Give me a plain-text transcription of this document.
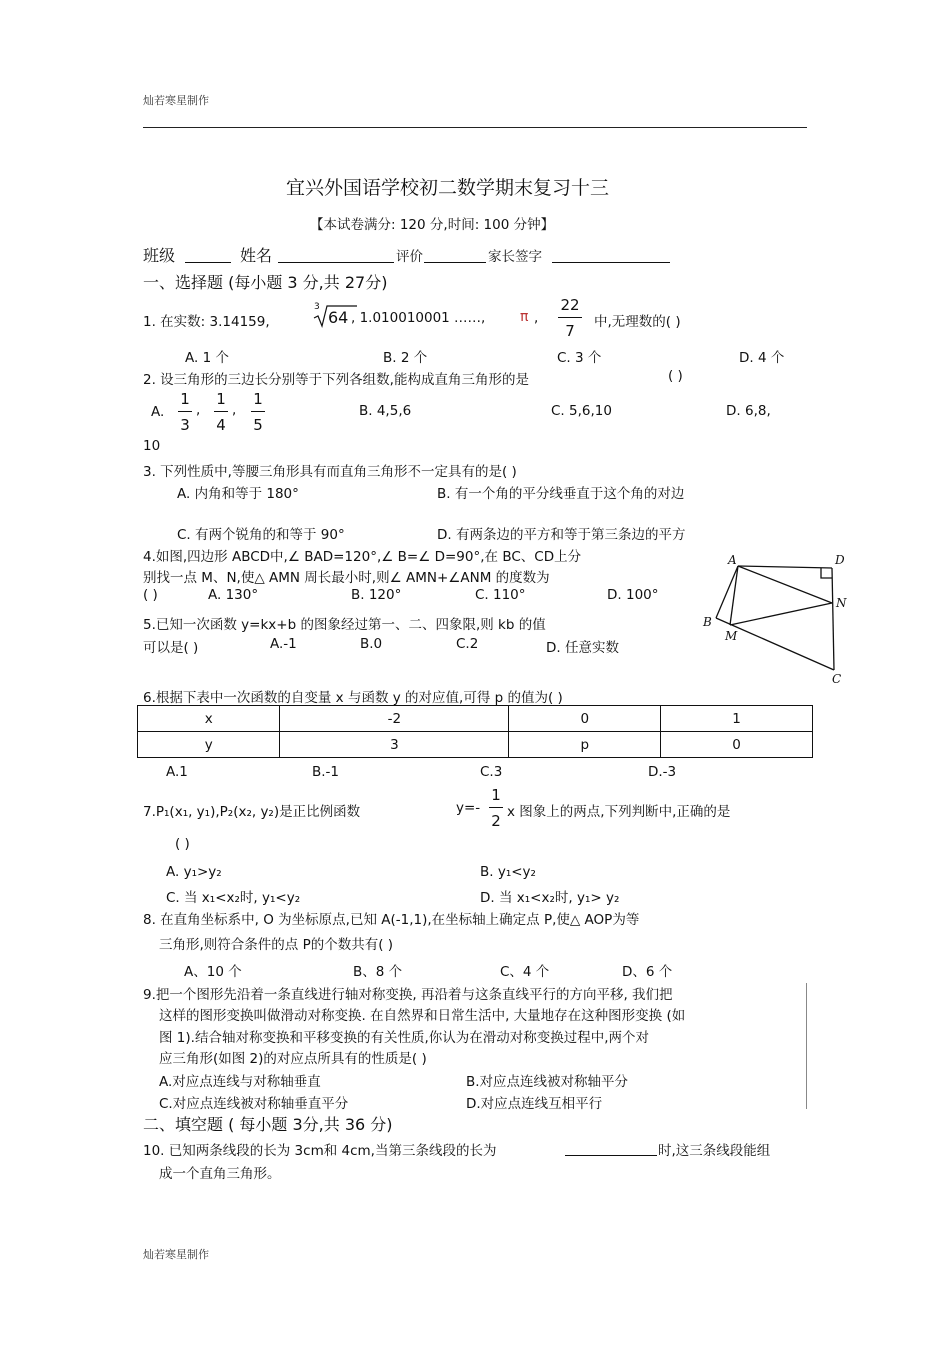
灿若寒星制作
宜兴外国语学校初二数学期末复习十三
【本试卷满分: 120 分,时间: 100 分钟】
班级	姓名	评价	家长签字
一、选择题 (每小题 3 分,共 27分)
1. 在实数: 3.14159,
3
64 , 1.010010001 ……, π ,
22
7	中,无理数的( )
A. 1 个	B. 2 个	C. 3 个	D. 4 个
2. 设三角形的三边长分别等于下列各组数,能构成直角三角形的是	( )
A.
1
3
,
1
4
,
1
5
B. 4,5,6	C. 5,6,10	D. 6,8,
10
3. 下列性质中,等腰三角形具有而直角三角形不一定具有的是( )
A. 内角和等于 180°	B. 有一个角的平分线垂直于这个角的对边
C. 有两个锐角的和等于 90°	D. 有两条边的平方和等于第三条边的平方
4.如图,四边形 ABCD中,∠ BAD=120°,∠ B=∠ D=90°,在 BC、CD上分
别找一点 M、N,使△ AMN 周长最小时,则∠ AMN+∠ANM 的度数为
( )	A. 130°	B. 120°	C. 110°	D. 100°
5.已知一次函数 y=kx+b 的图象经过第一、二、四象限,则 kb 的值
可以是( )	A.-1	B.0	C.2	D. 任意实数
A	D
N
B
M
C
6.根据下表中一次函数的自变量 x 与函数 y 的对应值,可得 p 的值为( )
x	-2	0	1
y	3	p	0
A.1	B.-1	C.3	D.-3
7.P₁(x₁, y₁),P₂(x₂, y₂)是正比例函数	y=-
1
2 x 图象上的两点,下列判断中,正确的是
( )
A. y₁>y₂	B. y₁<y₂
C. 当 x₁<x₂时, y₁<y₂	D. 当 x₁<x₂时, y₁> y₂
8. 在直角坐标系中, O 为坐标原点,已知 A(-1,1),在坐标轴上确定点 P,使△ AOP为等
三角形,则符合条件的点 P的个数共有( )
A、10 个	B、8 个	C、4 个	D、6 个
9.把一个图形先沿着一条直线进行轴对称变换, 再沿着与这条直线平行的方向平移, 我们把
这样的图形变换叫做滑动对称变换. 在自然界和日常生活中, 大量地存在这种图形变换 (如
图 1).结合轴对称变换和平移变换的有关性质,你认为在滑动对称变换过程中,两个对
应三角形(如图 2)的对应点所具有的性质是( )
A.对应点连线与对称轴垂直	B.对应点连线被对称轴平分
C.对应点连线被对称轴垂直平分	D.对应点连线互相平行
二、填空题 ( 每小题 3分,共 36 分)
10. 已知两条线段的长为 3cm和 4cm,当第三条线段的长为	时,这三条线段能组
成一个直角三角形。
灿若寒星制作
